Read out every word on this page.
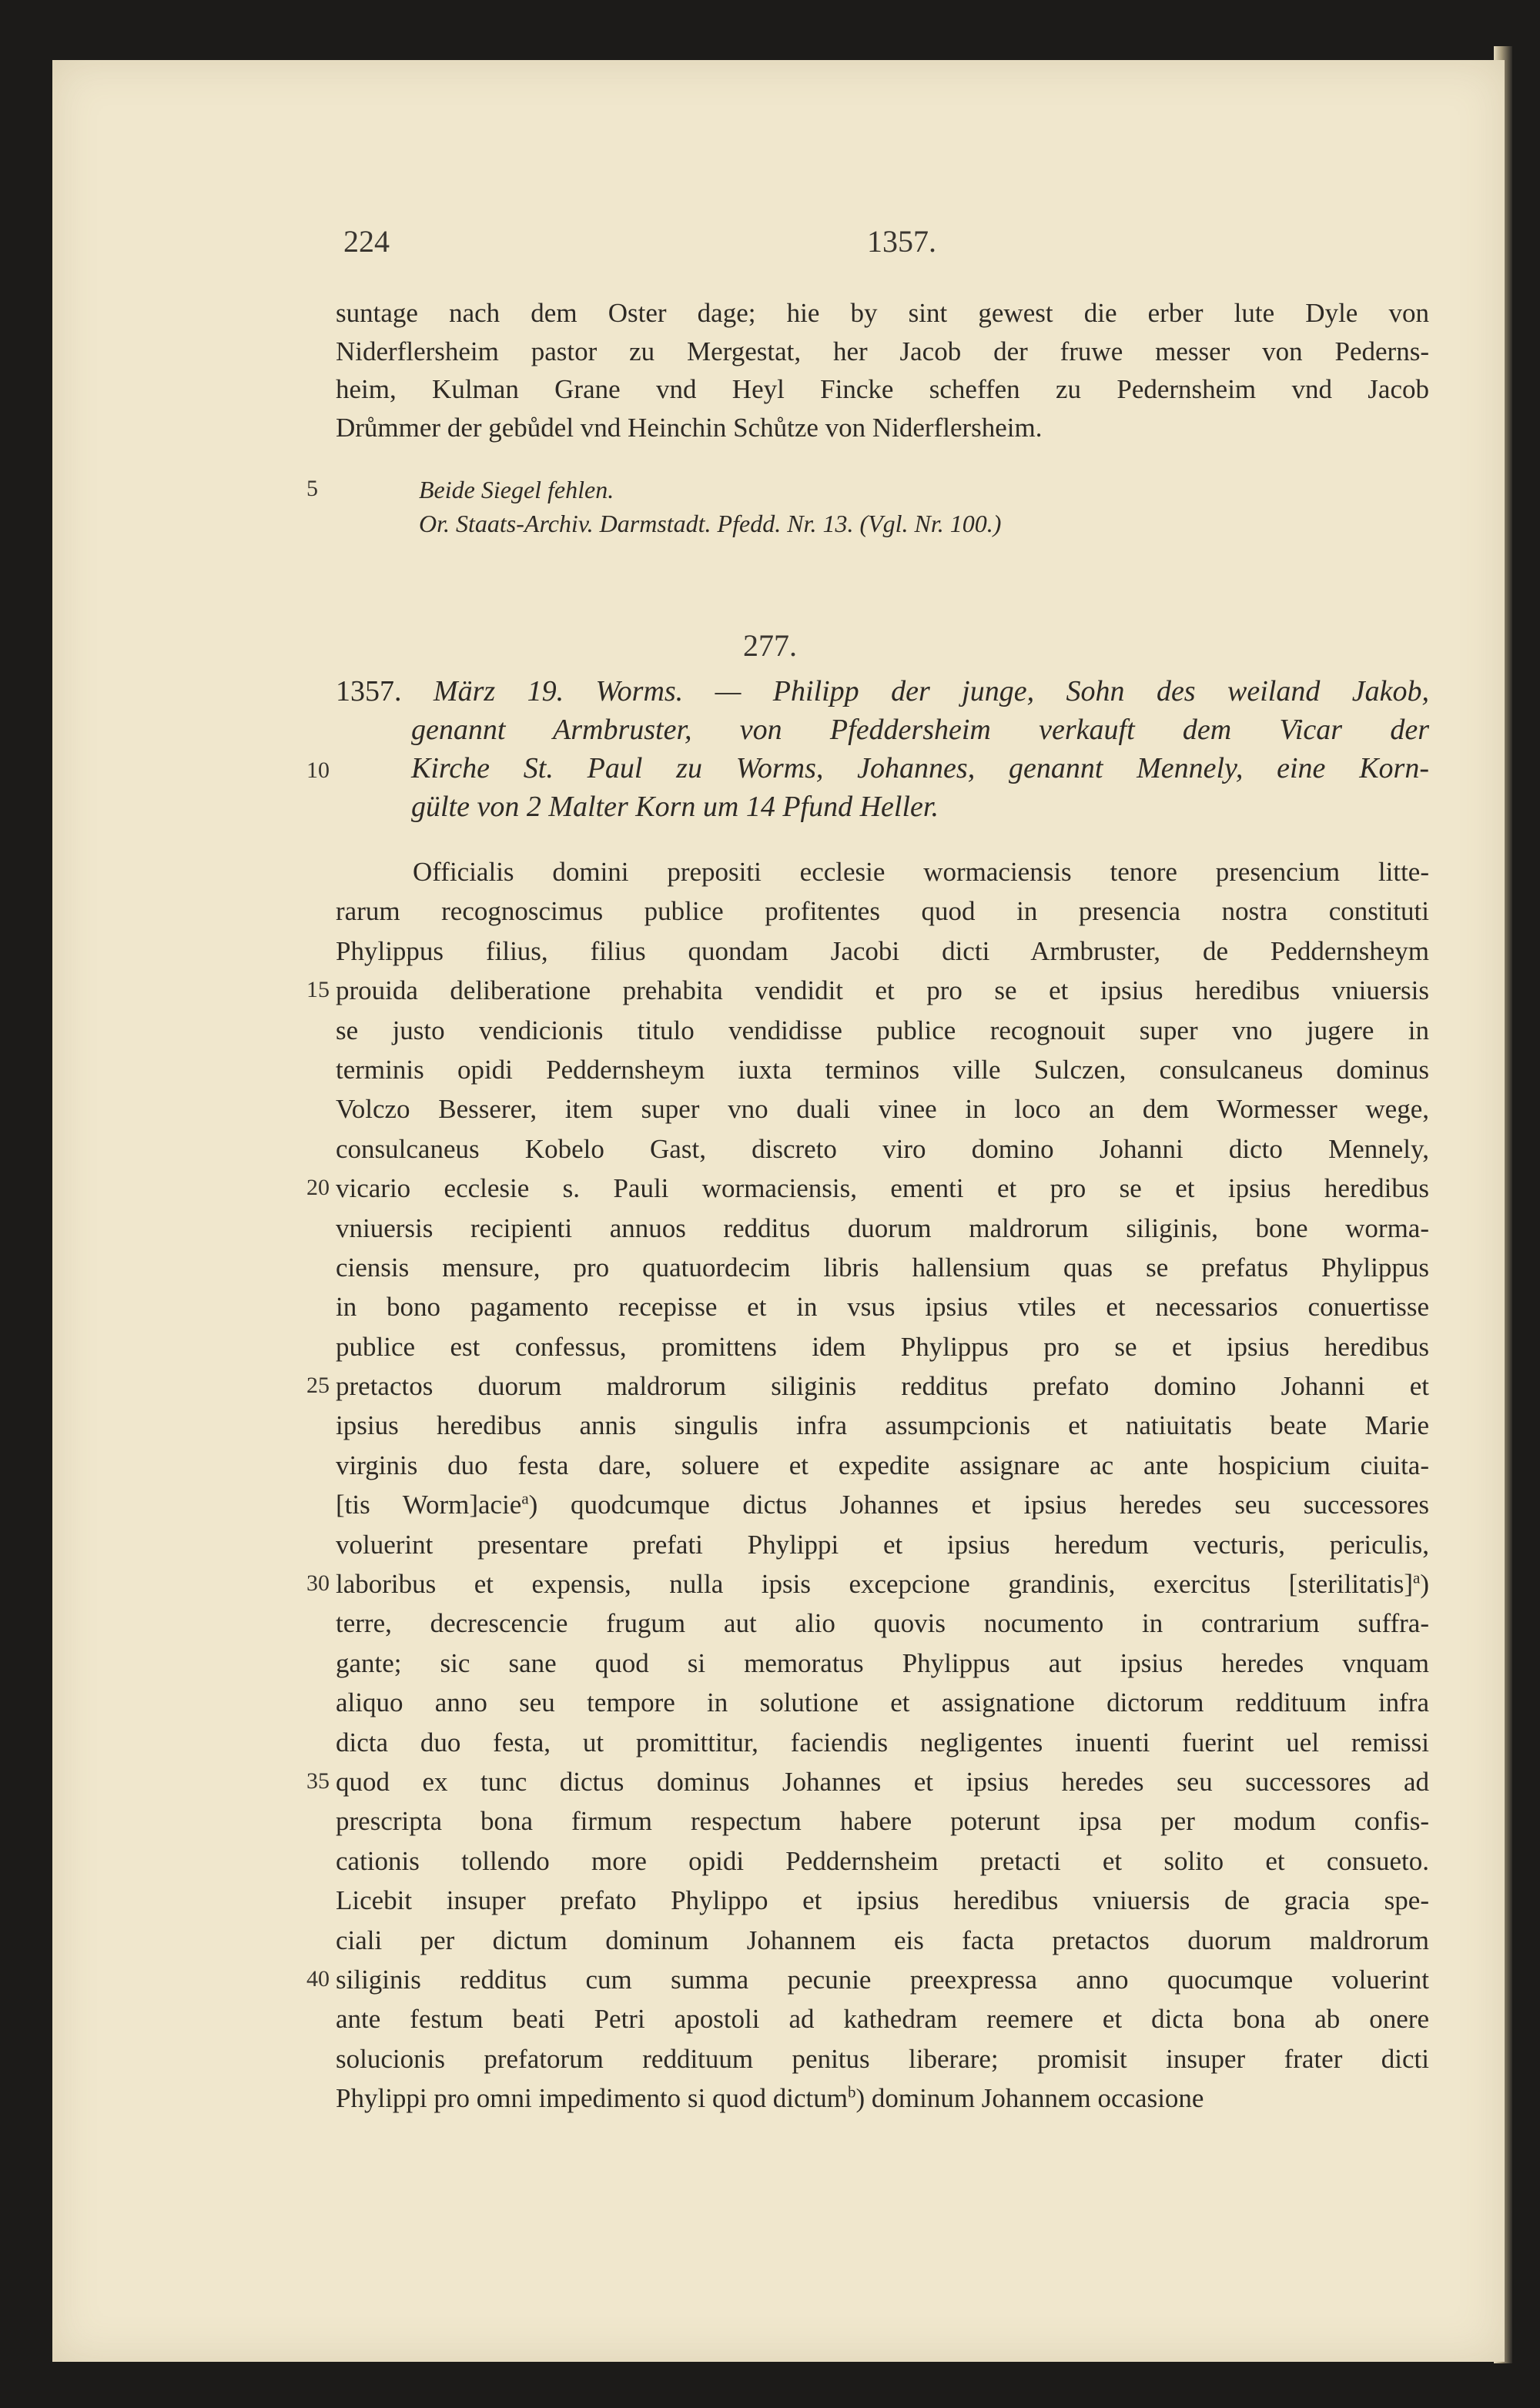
224	1357.
suntage nach dem Oster dage; hie by sint gewest die erber lute Dyle von
Niderflersheim pastor zu Mergestat, her Jacob der fruwe messer von Pederns-
heim, Kulman Grane vnd Heyl Fincke scheffen zu Pedernsheim vnd Jacob
Drůmmer der gebůdel vnd Heinchin Schůtze von Niderflersheim.
5	Beide Siegel fehlen.
Or. Staats-Archiv. Darmstadt. Pfedd. Nr. 13. (Vgl. Nr. 100.)
277.
1357. März 19. Worms. — Philipp der junge, Sohn des weiland Jakob,
genannt Armbruster, von Pfeddersheim verkauft dem Vicar der
Kirche St. Paul zu Worms, Johannes, genannt Mennely, eine Korn-
gülte von 2 Malter Korn um 14 Pfund Heller.
10
Officialis domini prepositi ecclesie wormaciensis tenore presencium litte-
rarum recognoscimus publice profitentes quod in presencia nostra constituti
Phylippus filius, filius quondam Jacobi dicti Armbruster, de Peddernsheym
prouida deliberatione prehabita vendidit et pro se et ipsius heredibus vniuersis
se justo vendicionis titulo vendidisse publice recognouit super vno jugere in
terminis opidi Peddernsheym iuxta terminos ville Sulczen, consulcaneus dominus
Volczo Besserer, item super vno duali vinee in loco an dem Wormesser wege,
consulcaneus Kobelo Gast, discreto viro domino Johanni dicto Mennely,
vicario ecclesie s. Pauli wormaciensis, ementi et pro se et ipsius heredibus
vniuersis recipienti annuos redditus duorum maldrorum siliginis, bone worma-
ciensis mensure, pro quatuordecim libris hallensium quas se prefatus Phylippus
in bono pagamento recepisse et in vsus ipsius vtiles et necessarios conuertisse
publice est confessus, promittens idem Phylippus pro se et ipsius heredibus
pretactos duorum maldrorum siliginis redditus prefato domino Johanni et
ipsius heredibus annis singulis infra assumpcionis et natiuitatis beate Marie
virginis duo festa dare, soluere et expedite assignare ac ante hospicium ciuita-
[tis Worm]acie$^a$) quodcumque dictus Johannes et ipsius heredes seu successores
voluerint presentare prefati Phylippi et ipsius heredum vecturis, periculis,
laboribus et expensis, nulla ipsis excepcione grandinis, exercitus [sterilitatis]$^a$)
terre, decrescencie frugum aut alio quovis nocumento in contrarium suffra-
gante; sic sane quod si memoratus Phylippus aut ipsius heredes vnquam
aliquo anno seu tempore in solutione et assignatione dictorum reddituum infra
dicta duo festa, ut promittitur, faciendis negligentes inuenti fuerint uel remissi
quod ex tunc dictus dominus Johannes et ipsius heredes seu successores ad
prescripta bona firmum respectum habere poterunt ipsa per modum confis-
cationis tollendo more opidi Peddernsheim pretacti et solito et consueto.
Licebit insuper prefato Phylippo et ipsius heredibus vniuersis de gracia spe-
ciali per dictum dominum Johannem eis facta pretactos duorum maldrorum
siliginis redditus cum summa pecunie preexpressa anno quocumque voluerint
ante festum beati Petri apostoli ad kathedram reemere et dicta bona ab onere
solucionis prefatorum reddituum penitus liberare; promisit insuper frater dicti
Phylippi pro omni impedimento si quod dictum$^b$) dominum Johannem occasione
15
20
25
30
35
40
